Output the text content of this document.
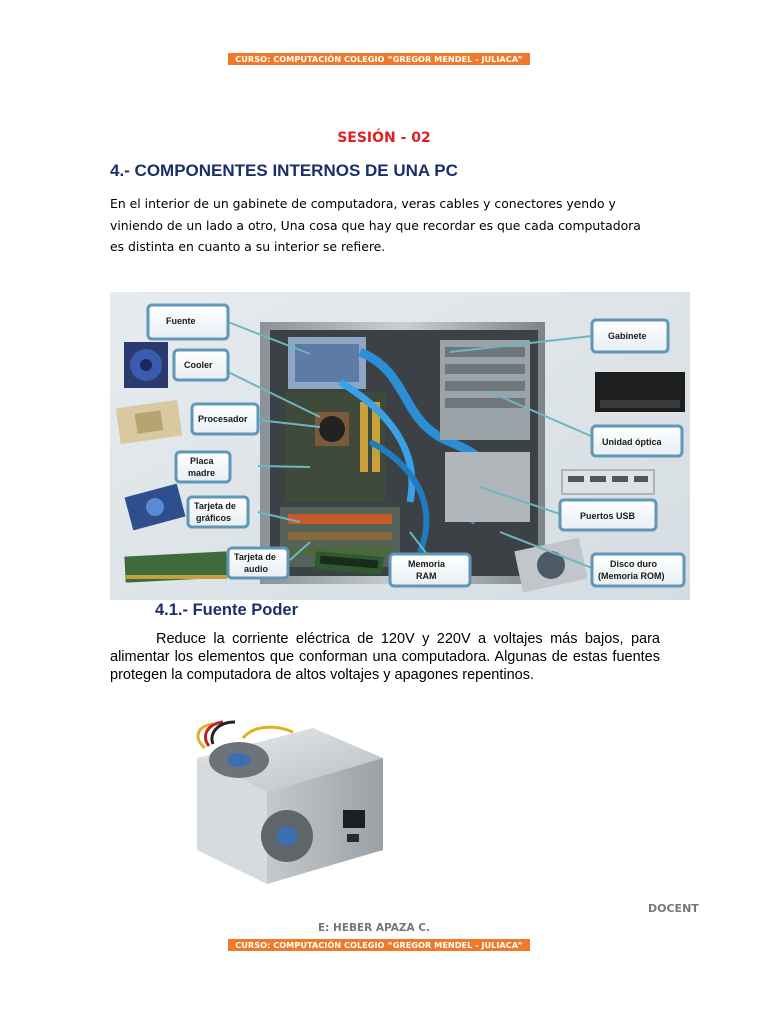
CURSO: COMPUTACIÓN COLEGIO “GREGOR MENDEL - JULIACA”
SESIÓN - 02
4.- COMPONENTES INTERNOS DE UNA PC

En el interior de un gabinete de computadora, veras cables y conectores yendo y

viniendo de un lado a otro, Una cosa que hay que recordar es que cada computadora

es distinta en cuanto a su interior se refiere.

Fuente
Cooler
Procesador
Placa
madre
Tarjeta de
gráficos
Tarjeta de
audio	Memoria
RAM
Gabinete
Unidad óptica
Puertos USB
Disco duro
(Memoria ROM)
4.1.- Fuente Poder

Reduce la corriente eléctrica de 120V y 220V a voltajes más bajos, para alimentar los elementos que conforman una computadora. Algunas de estas fuentes protegen la computadora de altos voltajes y apagones repentinos.

DOCENT
E: HEBER APAZA C.
CURSO: COMPUTACIÓN COLEGIO “GREGOR MENDEL - JULIACA”
